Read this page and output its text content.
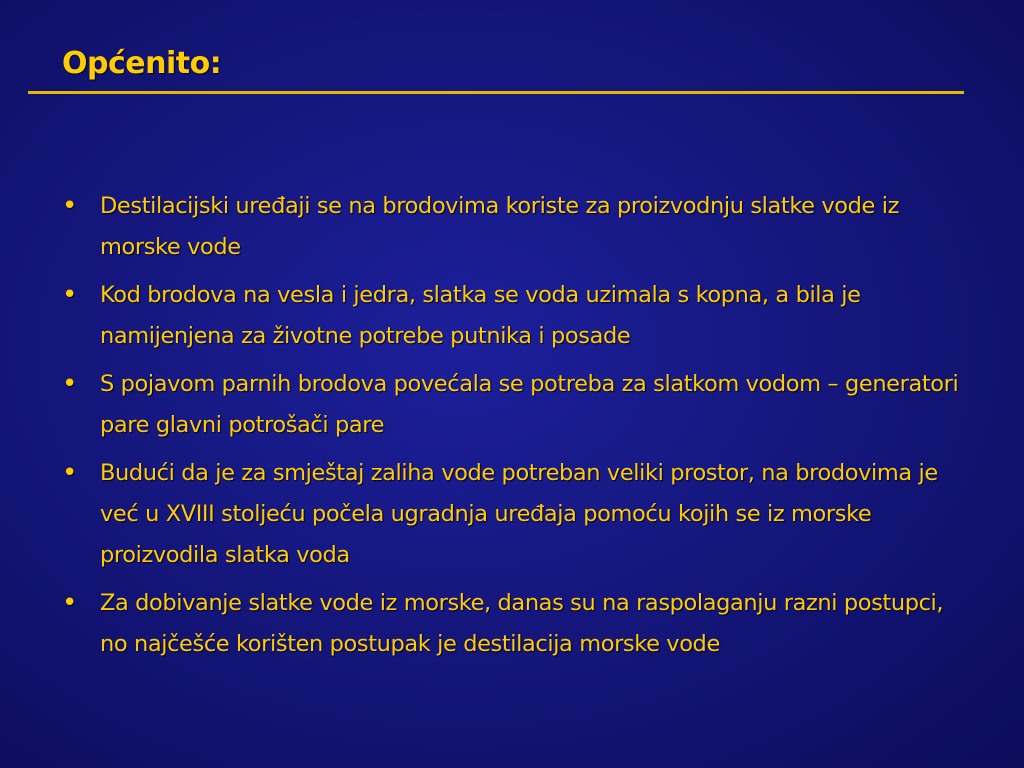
Općenito:
• Destilacijski uređaji se na brodovima koriste za proizvodnju slatke vode iz morske vode
• Kod brodova na vesla i jedra, slatka se voda uzimala s kopna, a bila je namijenjena za životne potrebe putnika i posade
• S pojavom parnih brodova povećala se potreba za slatkom vodom – generatori pare glavni potrošači pare
• Budući da je za smještaj zaliha vode potreban veliki prostor, na brodovima je već u XVIII stoljeću počela ugradnja uređaja pomoću kojih se iz morske proizvodila slatka voda
• Za dobivanje slatke vode iz morske, danas su na raspolaganju razni postupci, no najčešće korišten postupak je destilacija morske vode
